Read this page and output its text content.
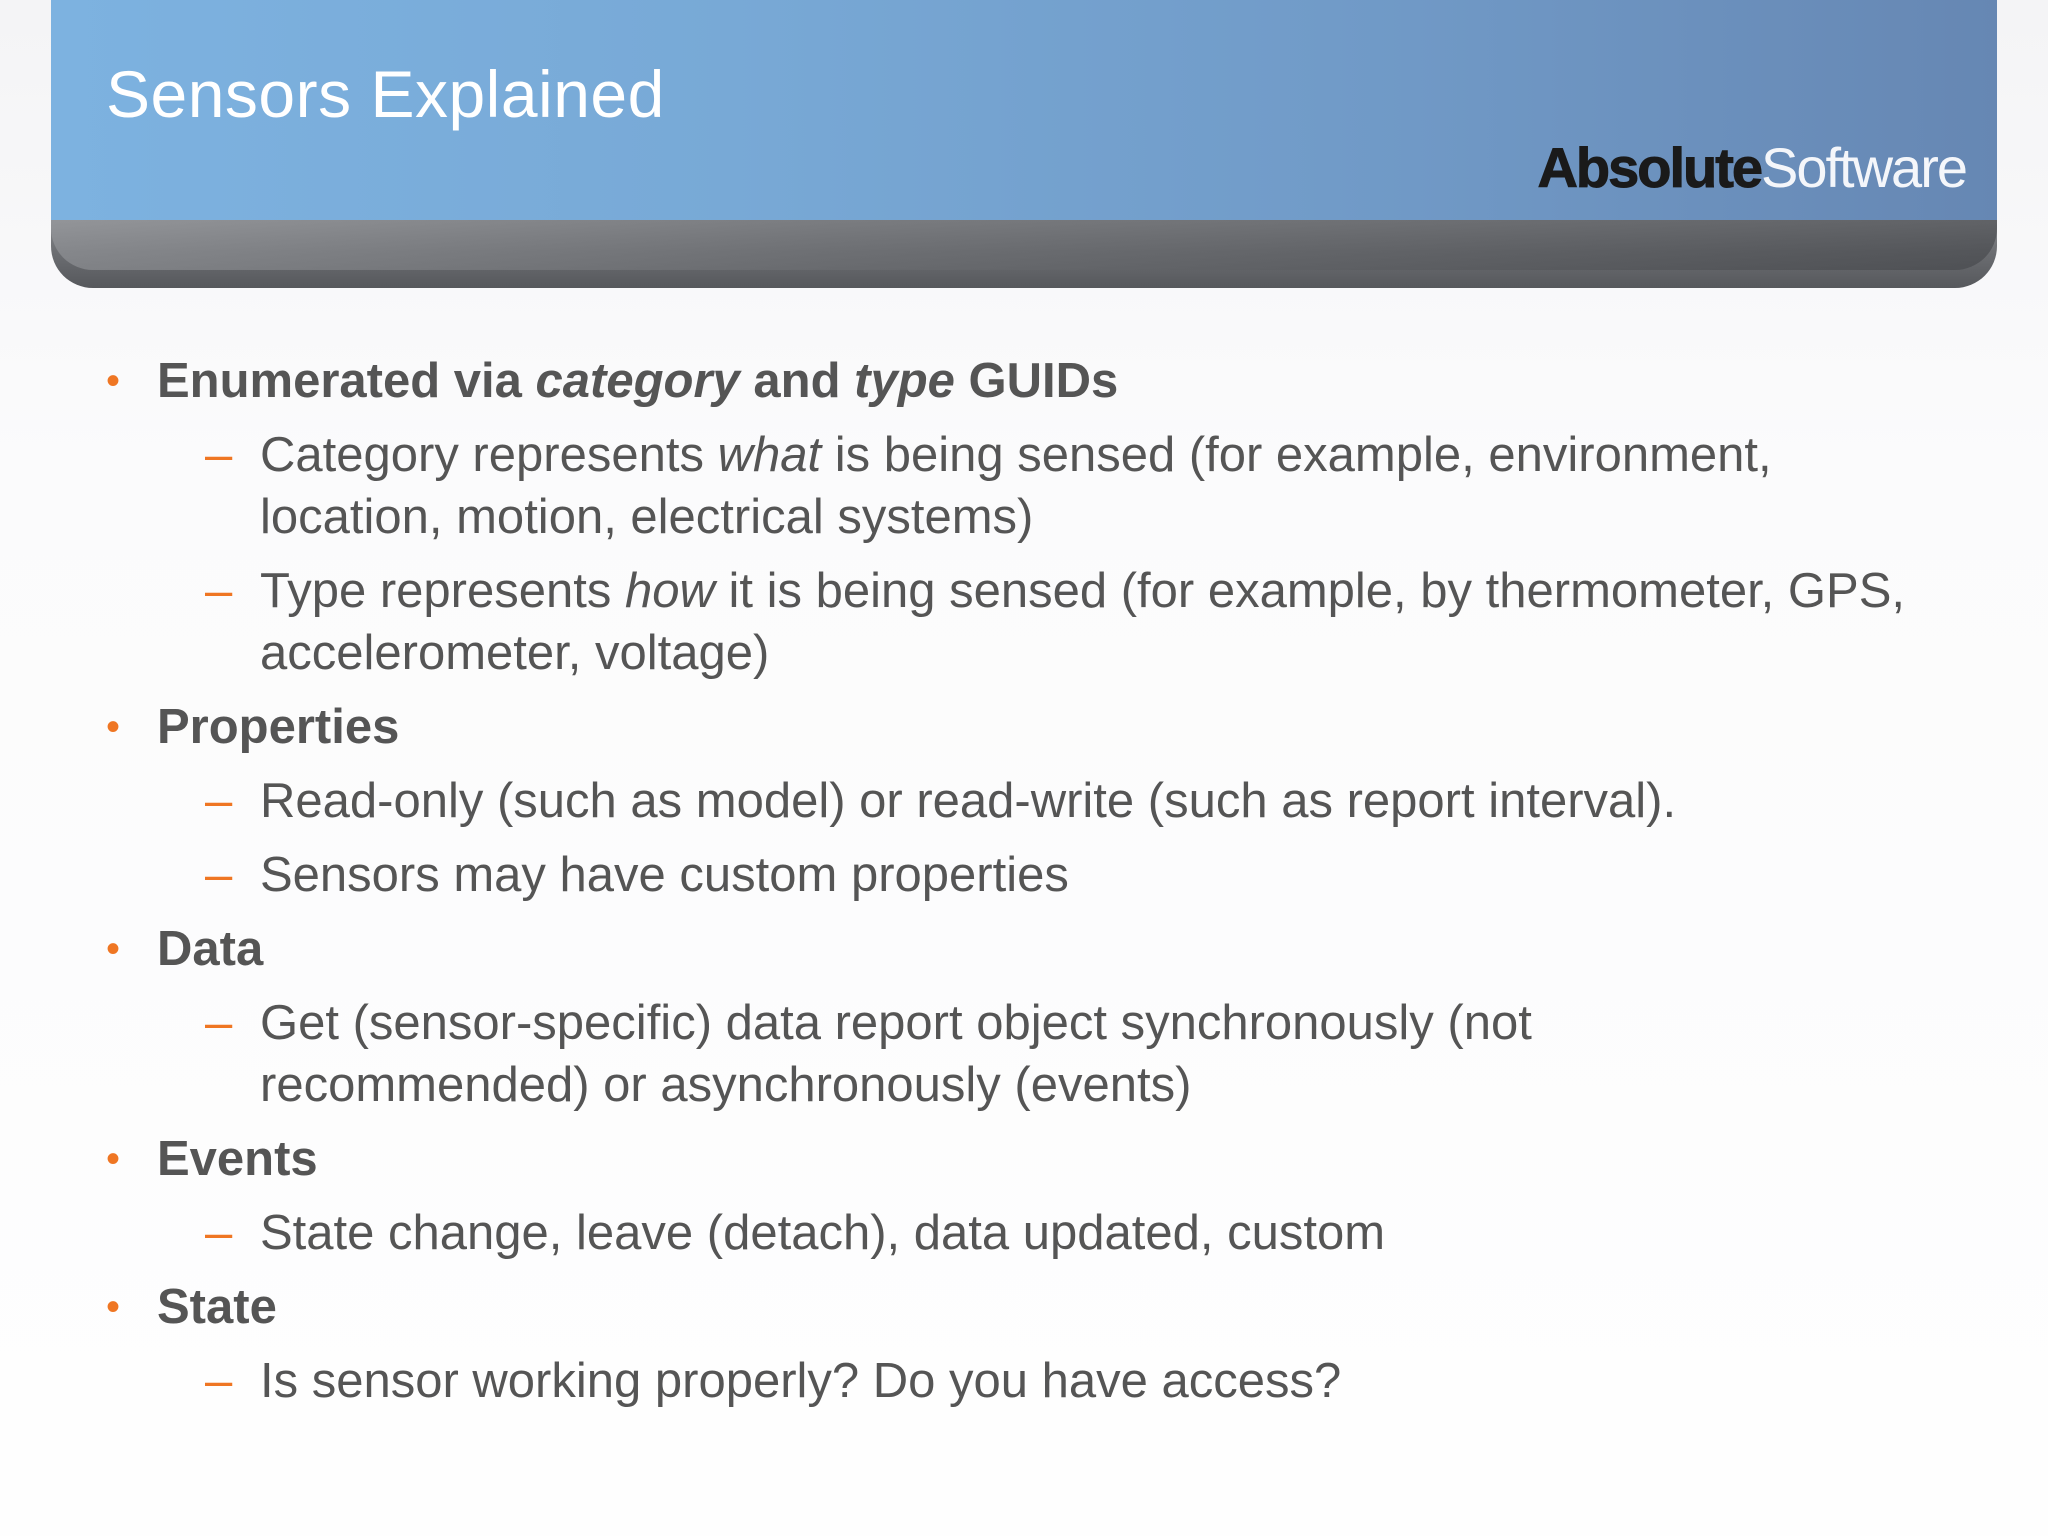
Sensors Explained
AbsoluteSoftware
• Enumerated via category and type GUIDs
– Category represents what is being sensed (for example, environment, location, motion, electrical systems)
– Type represents how it is being sensed (for example, by thermometer, GPS, accelerometer, voltage)
• Properties
– Read-only (such as model) or read-write (such as report interval).
– Sensors may have custom properties
• Data
– Get (sensor-specific) data report object synchronously (not recommended) or asynchronously (events)
• Events
– State change, leave (detach), data updated, custom
• State
– Is sensor working properly? Do you have access?
